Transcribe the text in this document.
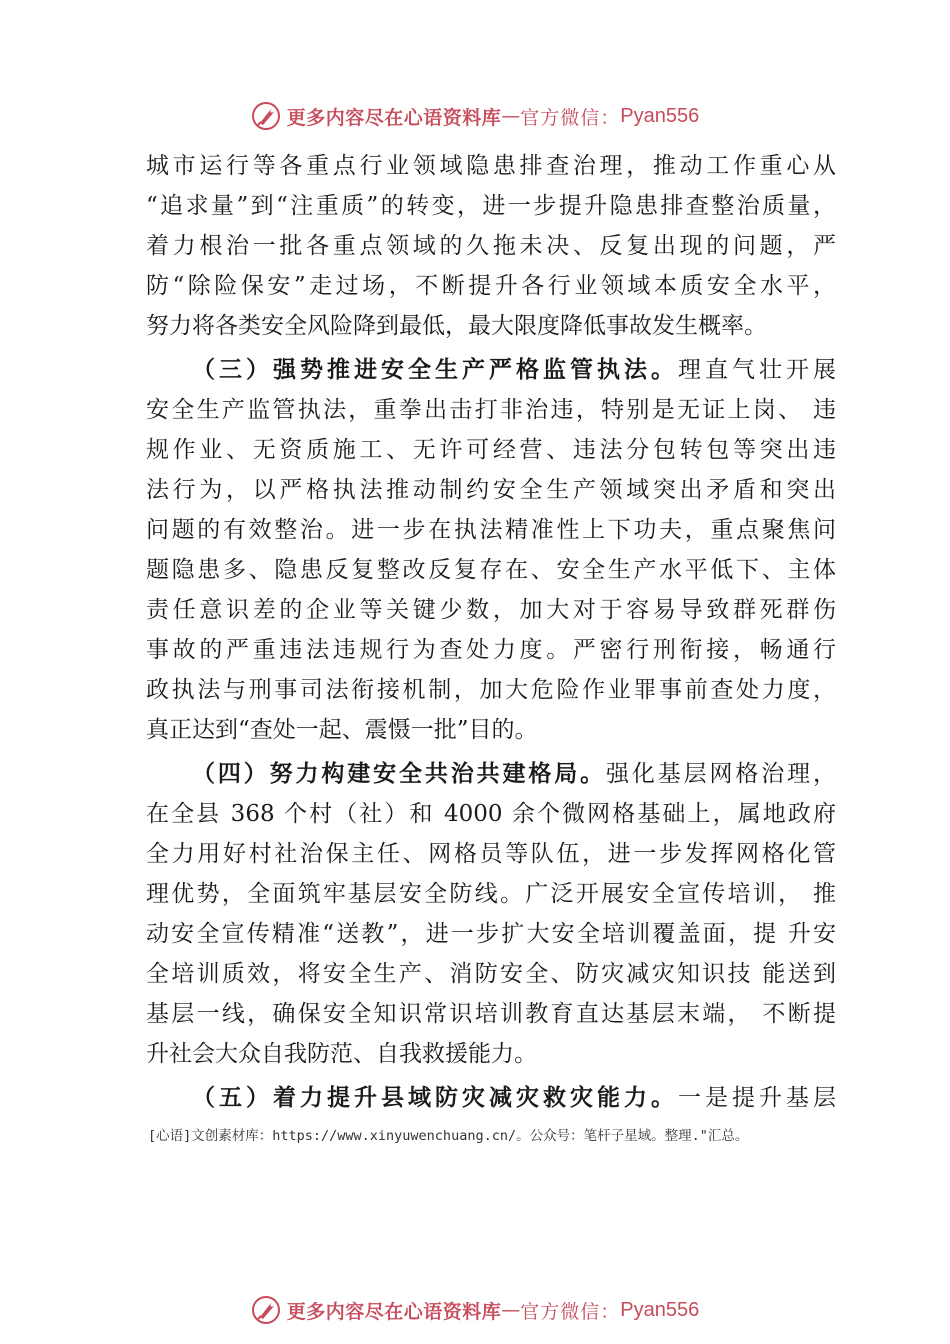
更多内容尽在心语资料库 — 官方微信： Pyan556
城市运行等各重点行业领域隐患排查治理，推动工作重心从
“追求量”到“注重质”的转变，进一步提升隐患排查整治质量，
着力根治一批各重点领域的久拖未决、反复出现的问题，严
防“除险保安”走过场，不断提升各行业领域本质安全水平，
努力将各类安全风险降到最低，最大限度降低事故发生概率。
（三）强势推进安全生产严格监管执法。理直气壮开展
安全生产监管执法，重拳出击打非治违，特别是无证上岗、 违
规作业、无资质施工、无许可经营、违法分包转包等突出违
法行为，以严格执法推动制约安全生产领域突出矛盾和突出
问题的有效整治。进一步在执法精准性上下功夫，重点聚焦问
题隐患多、隐患反复整改反复存在、安全生产水平低下、主体
责任意识差的企业等关键少数，加大对于容易导致群死群伤
事故的严重违法违规行为查处力度。严密行刑衔接，畅通行
政执法与刑事司法衔接机制，加大危险作业罪事前查处力度，
真正达到“查处一起、震慑一批”目的。
（四）努力构建安全共治共建格局。强化基层网格治理，
在全县 368 个村（社）和 4000 余个微网格基础上，属地政府
全力用好村社治保主任、网格员等队伍，进一步发挥网格化管
理优势，全面筑牢基层安全防线。广泛开展安全宣传培训， 推
动安全宣传精准“送教”，进一步扩大安全培训覆盖面，提 升安
全培训质效，将安全生产、消防安全、防灾减灾知识技 能送到
基层一线，确保安全知识常识培训教育直达基层末端， 不断提
升社会大众自我防范、自我救援能力。
（五）着力提升县域防灾减灾救灾能力。一是提升基层
[心语]文创素材库：https://www.xinyuwenchuang.cn/。公众号：笔杆子星域。整理."汇总。
更多内容尽在心语资料库 — 官方微信： Pyan556
